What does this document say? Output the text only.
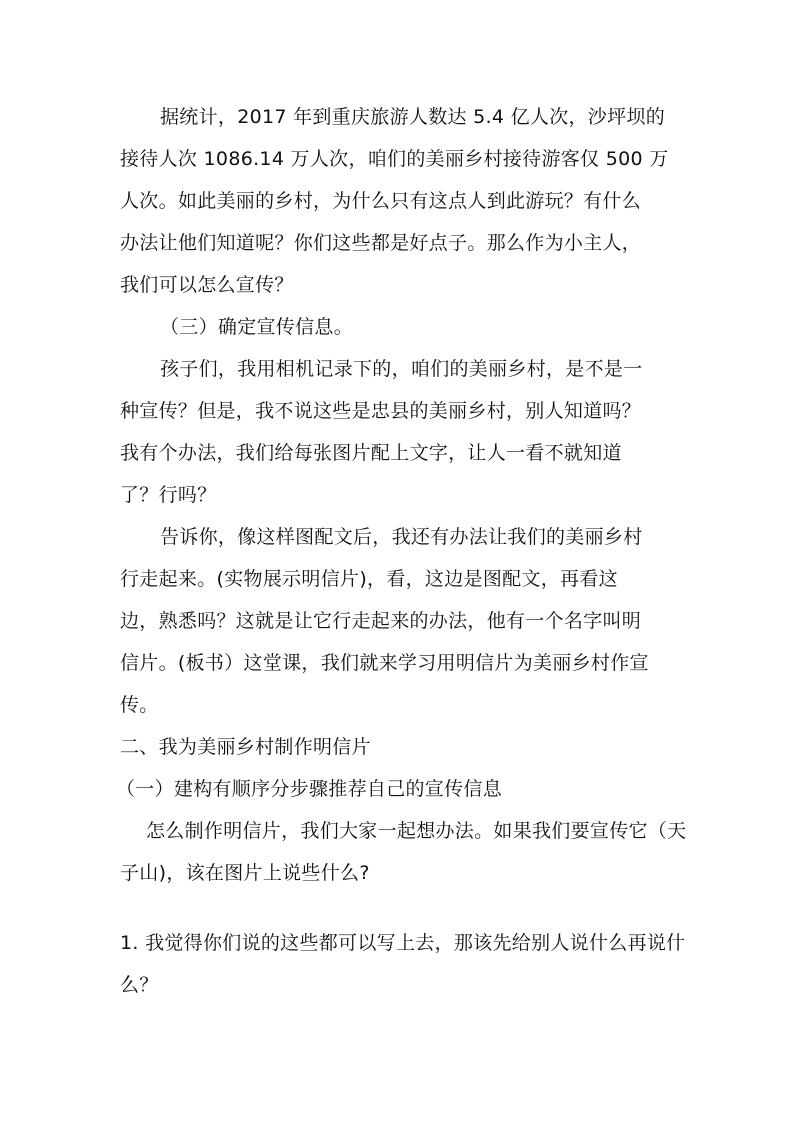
据统计，2017 年到重庆旅游人数达 5.4 亿人次，沙坪坝的
接待人次 1086.14 万人次，咱们的美丽乡村接待游客仅 500 万
人次。如此美丽的乡村，为什么只有这点人到此游玩？有什么
办法让他们知道呢？你们这些都是好点子。那么作为小主人，
我们可以怎么宣传？
（三）确定宣传信息。
孩子们，我用相机记录下的，咱们的美丽乡村，是不是一
种宣传？但是，我不说这些是忠县的美丽乡村，别人知道吗？
我有个办法，我们给每张图片配上文字，让人一看不就知道
了？行吗？
告诉你，像这样图配文后，我还有办法让我们的美丽乡村
行走起来。(实物展示明信片)，看，这边是图配文，再看这
边，熟悉吗？这就是让它行走起来的办法，他有一个名字叫明
信片。(板书）这堂课，我们就来学习用明信片为美丽乡村作宣
传。
二、我为美丽乡村制作明信片
（一）建构有顺序分步骤推荐自己的宣传信息
怎么制作明信片，我们大家一起想办法。如果我们要宣传它（天
子山)，该在图片上说些什么?
1. 我觉得你们说的这些都可以写上去，那该先给别人说什么再说什
么？
